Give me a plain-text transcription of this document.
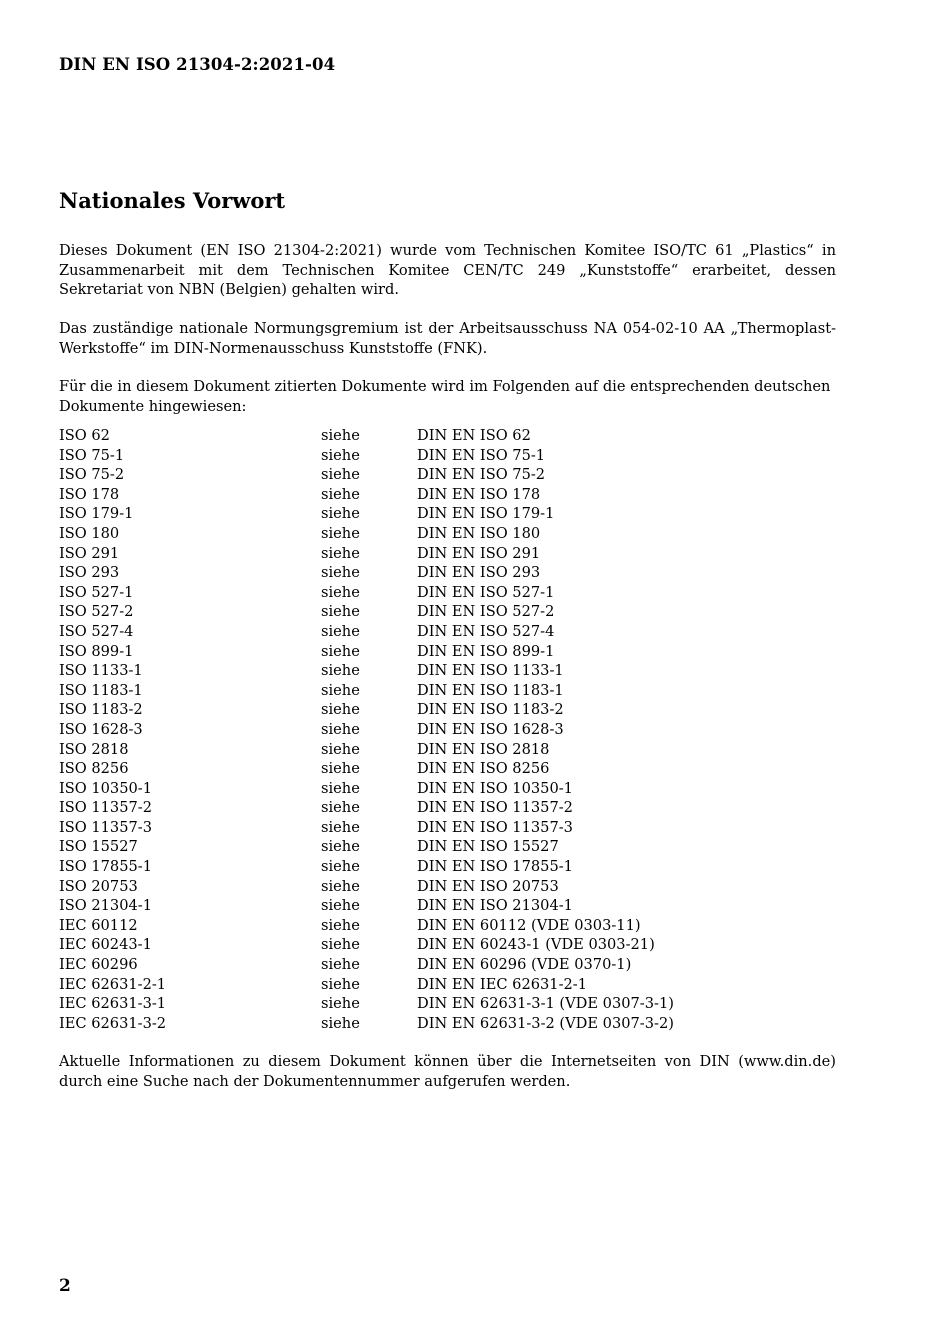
DIN EN ISO 21304-2:2021-04
Nationales Vorwort

Dieses Dokument (EN ISO 21304-2:2021) wurde vom Technischen Komitee ISO/TC 61 „Plastics“ in Zusammenarbeit mit dem Technischen Komitee CEN/TC 249 „Kunststoffe“ erarbeitet, dessen Sekretariat von NBN (Belgien) gehalten wird.

Das zuständige nationale Normungsgremium ist der Arbeitsausschuss NA 054-02-10 AA „Thermoplast-Werkstoffe“ im DIN-Normenausschuss Kunststoffe (FNK).

Für die in diesem Dokument zitierten Dokumente wird im Folgenden auf die entsprechenden deutschen Dokumente hingewiesen:

ISO 62	siehe	DIN EN ISO 62
ISO 75-1	siehe	DIN EN ISO 75-1
ISO 75-2	siehe	DIN EN ISO 75-2
ISO 178	siehe	DIN EN ISO 178
ISO 179-1	siehe	DIN EN ISO 179-1
ISO 180	siehe	DIN EN ISO 180
ISO 291	siehe	DIN EN ISO 291
ISO 293	siehe	DIN EN ISO 293
ISO 527-1	siehe	DIN EN ISO 527-1
ISO 527-2	siehe	DIN EN ISO 527-2
ISO 527-4	siehe	DIN EN ISO 527-4
ISO 899-1	siehe	DIN EN ISO 899-1
ISO 1133-1	siehe	DIN EN ISO 1133-1
ISO 1183-1	siehe	DIN EN ISO 1183-1
ISO 1183-2	siehe	DIN EN ISO 1183-2
ISO 1628-3	siehe	DIN EN ISO 1628-3
ISO 2818	siehe	DIN EN ISO 2818
ISO 8256	siehe	DIN EN ISO 8256
ISO 10350-1	siehe	DIN EN ISO 10350-1
ISO 11357-2	siehe	DIN EN ISO 11357-2
ISO 11357-3	siehe	DIN EN ISO 11357-3
ISO 15527	siehe	DIN EN ISO 15527
ISO 17855-1	siehe	DIN EN ISO 17855-1
ISO 20753	siehe	DIN EN ISO 20753
ISO 21304-1	siehe	DIN EN ISO 21304-1
IEC 60112	siehe	DIN EN 60112 (VDE 0303-11)
IEC 60243-1	siehe	DIN EN 60243-1 (VDE 0303-21)
IEC 60296	siehe	DIN EN 60296 (VDE 0370-1)
IEC 62631-2-1	siehe	DIN EN IEC 62631-2-1
IEC 62631-3-1	siehe	DIN EN 62631-3-1 (VDE 0307-3-1)
IEC 62631-3-2	siehe	DIN EN 62631-3-2 (VDE 0307-3-2)

Aktuelle Informationen zu diesem Dokument können über die Internetseiten von DIN (www.din.de) durch eine Suche nach der Dokumentennummer aufgerufen werden.

2
